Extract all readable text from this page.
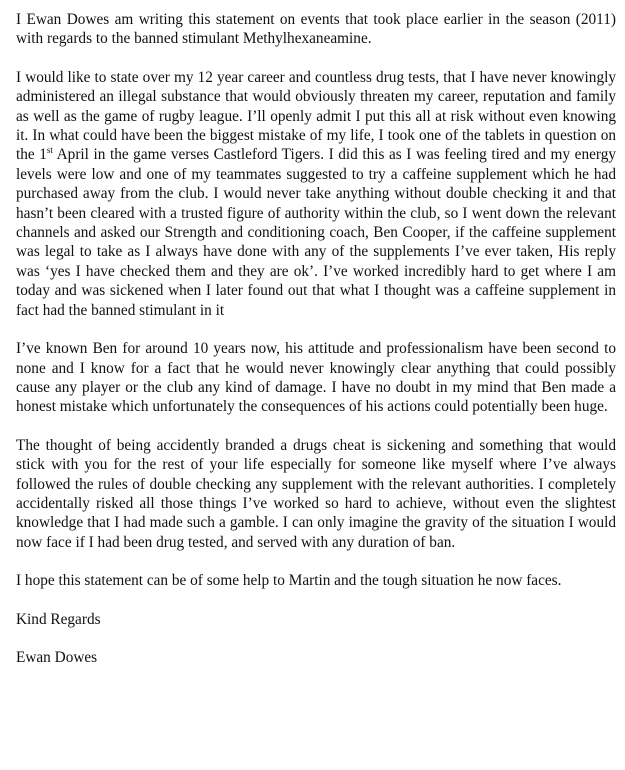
I Ewan Dowes am writing this statement on events that took place earlier in the season (2011) with regards to the banned stimulant Methylhexaneamine.

I would like to state over my 12 year career and countless drug tests, that I have never knowingly administered an illegal substance that would obviously threaten my career, reputation and family as well as the game of rugby league. I’ll openly admit I put this all at risk without even knowing it. In what could have been the biggest mistake of my life, I took one of the tablets in question on the 1st April in the game verses Castleford Tigers. I did this as I was feeling tired and my energy levels were low and one of my teammates suggested to try a caffeine supplement which he had purchased away from the club. I would never take anything without double checking it and that hasn’t been cleared with a trusted figure of authority within the club, so I went down the relevant channels and asked our Strength and conditioning coach, Ben Cooper, if the caffeine supplement was legal to take as I always have done with any of the supplements I’ve ever taken, His reply was ‘yes I have checked them and they are ok’. I’ve worked incredibly hard to get where I am today and was sickened when I later found out that what I thought was a caffeine supplement in fact had the banned stimulant in it

I’ve known Ben for around 10 years now, his attitude and professionalism have been second to none and I know for a fact that he would never knowingly clear anything that could possibly cause any player or the club any kind of damage. I have no doubt in my mind that Ben made a honest mistake which unfortunately the consequences of his actions could potentially been huge.

The thought of being accidently branded a drugs cheat is sickening and something that would stick with you for the rest of your life especially for someone like myself where I’ve always followed the rules of double checking any supplement with the relevant authorities. I completely accidentally risked all those things I’ve worked so hard to achieve, without even the slightest knowledge that I had made such a gamble. I can only imagine the gravity of the situation I would now face if I had been drug tested, and served with any duration of ban.

I hope this statement can be of some help to Martin and the tough situation he now faces.

Kind Regards
Ewan Dowes
